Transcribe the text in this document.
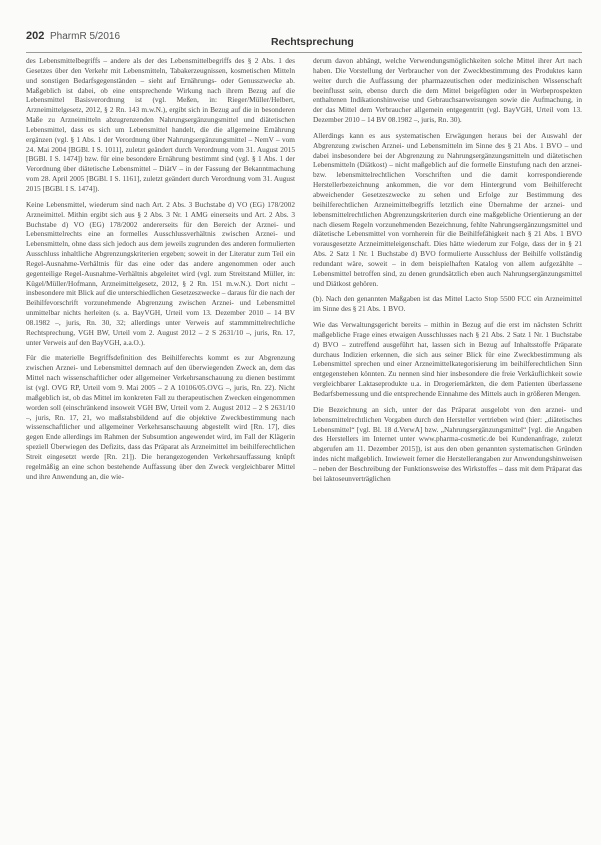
202 PharmR 5/2016	Rechtsprechung

des Lebensmittelbegriffs – andere als der des Lebensmittelbegriffs des § 2 Abs. 1 des Gesetzes über den Verkehr mit Lebensmitteln, Tabakerzeugnissen, kosmetischen Mitteln und sonstigen Bedarfsgegenständen – sieht auf Ernährungs- oder Genusszwecke ab. Maßgeblich ist dabei, ob eine entsprechende Wirkung nach ihrem Bezug auf die Lebensmittel Basisverordnung ist (vgl. Meßen, in: Rieger/Müller/Helbert, Arzneimittelgesetz, 2012, § 2 Rn. 143 m.w.N.), ergibt sich in Bezug auf die in besonderen Maße zu Arzneimitteln abzugrenzenden Nahrungsergänzungsmittel und diätetischen Lebensmittel, dass es sich um Lebensmittel handelt, die die allgemeine Ernährung ergänzen (vgl. § 1 Abs. 1 der Verordnung über Nahrungsergänzungsmittel – NemV – vom 24. Mai 2004 [BGBl. I S. 1011], zuletzt geändert durch Verordnung vom 31. August 2015 [BGBl. I S. 1474]) bzw. für eine besondere Ernährung bestimmt sind (vgl. § 1 Abs. 1 der Verordnung über diätetische Lebensmittel – DiätV – in der Fassung der Bekanntmachung vom 28. April 2005 [BGBl. I S. 1161], zuletzt geändert durch Verordnung vom 31. August 2015 [BGBl. I S. 1474]).

Keine Lebensmittel, wiederum sind nach Art. 2 Abs. 3 Buchstabe d) VO (EG) 178/2002 Arzneimittel. Mithin ergibt sich aus § 2 Abs. 3 Nr. 1 AMG einerseits und Art. 2 Abs. 3 Buchstabe d) VO (EG) 178/2002 andererseits für den Bereich der Arznei- und Lebensmittelrechts eine an formelles Ausschlussverhältnis zwischen Arznei- und Lebensmitteln, ohne dass sich jedoch aus dem jeweils zugrunden des anderen formulierten Ausschluss inhaltliche Abgrenzungskriterien ergeben; soweit in der Literatur zum Teil ein Regel-Ausnahme-Verhältnis für das eine oder das andere angenommen oder auch gegenteilige Regel-Ausnahme-Verhältnis abgeleitet wird (vgl. zum Streitstand Müller, in: Kügel/Müller/Hofmann, Arzneimittelgesetz, 2012, § 2 Rn. 151 m.w.N.). Dort nicht – insbesondere mit Blick auf die unterschiedlichen Gesetzeszwecke – daraus für die nach der Beihilfevorschrift vorzunehmende Abgrenzung zwischen Arznei- und Lebensmittel unmittelbar nichts herleiten (s. a. BayVGH, Urteil vom 13. Dezember 2010 – 14 BV 08.1982 –, juris, Rn. 30, 32; allerdings unter Verweis auf stammmittelrechtliche Rechtsprechung, VGH BW, Urteil vom 2. August 2012 – 2 S 2631/10 –, juris, Rn. 17, unter Verweis auf den BayVGH, a.a.O.).

Für die materielle Begriffsdefinition des Beihilferechts kommt es zur Abgrenzung zwischen Arznei- und Lebensmittel demnach auf den überwiegenden Zweck an, dem das Mittel nach wissenschaftlicher oder allgemeiner Verkehrsanschauung zu dienen bestimmt ist (vgl. OVG RP, Urteil vom 9. Mai 2005 – 2 A 10106/05.OVG –, juris, Rn. 22). Nicht maßgeblich ist, ob das Mittel im konkreten Fall zu therapeutischen Zwecken eingenommen worden soll (einschränkend insoweit VGH BW, Urteil vom 2. August 2012 – 2 S 2631/10 –, juris, Rn. 17, 21, wo maßstabsbildend auf die objektive Zweckbestimmung nach wissenschaftlicher und allgemeiner Verkehrsanschauung abgestellt wird [Rn. 17], dies gegen Ende allerdings im Rahmen der Subsumtion angewendet wird, im Fall der Klägerin speziell Überwiegen des Defizits, dass das Präparat als Arzneimittel im beihilferechtlichen Streit eingesetzt werde [Rn. 21]). Die herangezogenden Verkehrsauffassung knüpft regelmäßig an eine schon bestehende Auffassung über den Zweck vergleichbarer Mittel und ihre Anwendung an, die wie-

derum davon abhängt, welche Verwendungsmöglichkeiten solche Mittel ihrer Art nach haben. Die Vorstellung der Verbraucher von der Zweckbestimmung des Produktes kann weiter durch die Auffassung der pharmazeutischen oder medizinischen Wissenschaft beeinflusst sein, ebenso durch die dem Mittel beigefügten oder in Werbeprospekten enthaltenen Indikationshinweise und Gebrauchsanweisungen sowie die Aufmachung, in der das Mittel dem Verbraucher allgemein entgegentritt (vgl. BayVGH, Urteil vom 13. Dezember 2010 – 14 BV 08.1982 –, juris, Rn. 30).

Allerdings kann es aus systematischen Erwägungen heraus bei der Auswahl der Abgrenzung zwischen Arznei- und Lebensmitteln im Sinne des § 21 Abs. 1 BVO – und dabei insbesondere bei der Abgrenzung zu Nahrungsergänzungsmitteln und diätetischen Lebensmitteln (Diätkost) – nicht maßgeblich auf die formelle Einstufung nach den arznei- bzw. lebensmittelrechtlichen Vorschriften und die damit korrespondierende Herstellerbezeichnung ankommen, die vor dem Hintergrund vom Beihilferecht abweichender Gesetzeszwecke zu sehen und Erfolge zur Bestimmung des beihilferechtlichen Arzneimittelbegriffs letztlich eine Übernahme der arznei- und lebensmittelrechtlichen Abgrenzungskriterien durch eine maßgebliche Orientierung an der nach diesem Regeln vorzunehmenden Bezeichnung, fehlte Nahrungsergänzungsmittel und diätetische Lebensmittel von vornherein für die Beihilfefähigkeit nach § 21 Abs. 1 BVO vorausgesetzte Arzneimitteleigenschaft. Dies hätte wiederum zur Folge, dass der in § 21 Abs. 2 Satz 1 Nr. 1 Buchstabe d) BVO formulierte Ausschluss der Beihilfe vollständig redundant wäre, soweit – in dem beispielhaften Katalog von allem aufgezählte – Lebensmittel betroffen sind, zu denen grundsätzlich eben auch Nahrungsergänzungsmittel und Diätkost gehören.

(b). Nach den genannten Maßgaben ist das Mittel Lacto Stop 5500 FCC ein Arzneimittel im Sinne des § 21 Abs. 1 BVO.

Wie das Verwaltungsgericht bereits – mithin in Bezug auf die erst im nächsten Schritt maßgebliche Frage eines etwaigen Ausschlusses nach § 21 Abs. 2 Satz 1 Nr. 1 Buchstabe d) BVO – zutreffend ausgeführt hat, lassen sich in Bezug auf Inhaltsstoffe Präparate durchaus Indizien erkennen, die sich aus seiner Blick für eine Zweckbestimmung als Lebensmittel sprechen und einer Arzneimittelkategorisierung im beihilferechtlichen Sinn entgegenstehen könnten. Zu nennen sind hier insbesondere die freie Verkäuflichkeit sowie vergleichbarer Laktaseprodukte u.a. in Drogeriemärkten, die dem Patienten überlassene Bedarfsbemessung und die entsprechende Einnahme des Mittels auch in größeren Mengen.

Die Bezeichnung an sich, unter der das Präparat ausgelobt von den arznei- und lebensmittelrechtlichen Vorgaben durch den Hersteller vertrieben wird (hier: „diätetisches Lebensmittel“ [vgl. Bl. 18 d.VerwA] bzw. „Nahrungsergänzungsmittel“ [vgl. die Angaben des Herstellers im Internet unter www.pharma-cosmetic.de bei Kundenanfrage, zuletzt abgerufen am 11. Dezember 2015]), ist aus den oben genannten systematischen Gründen indes nicht maßgeblich. Inwieweit ferner die Herstellerangaben zur Anwendungshinweisen – neben der Beschreibung der Funktionsweise des Wirkstoffes – dass mit dem Präparat das bei laktoseunverträglichen
